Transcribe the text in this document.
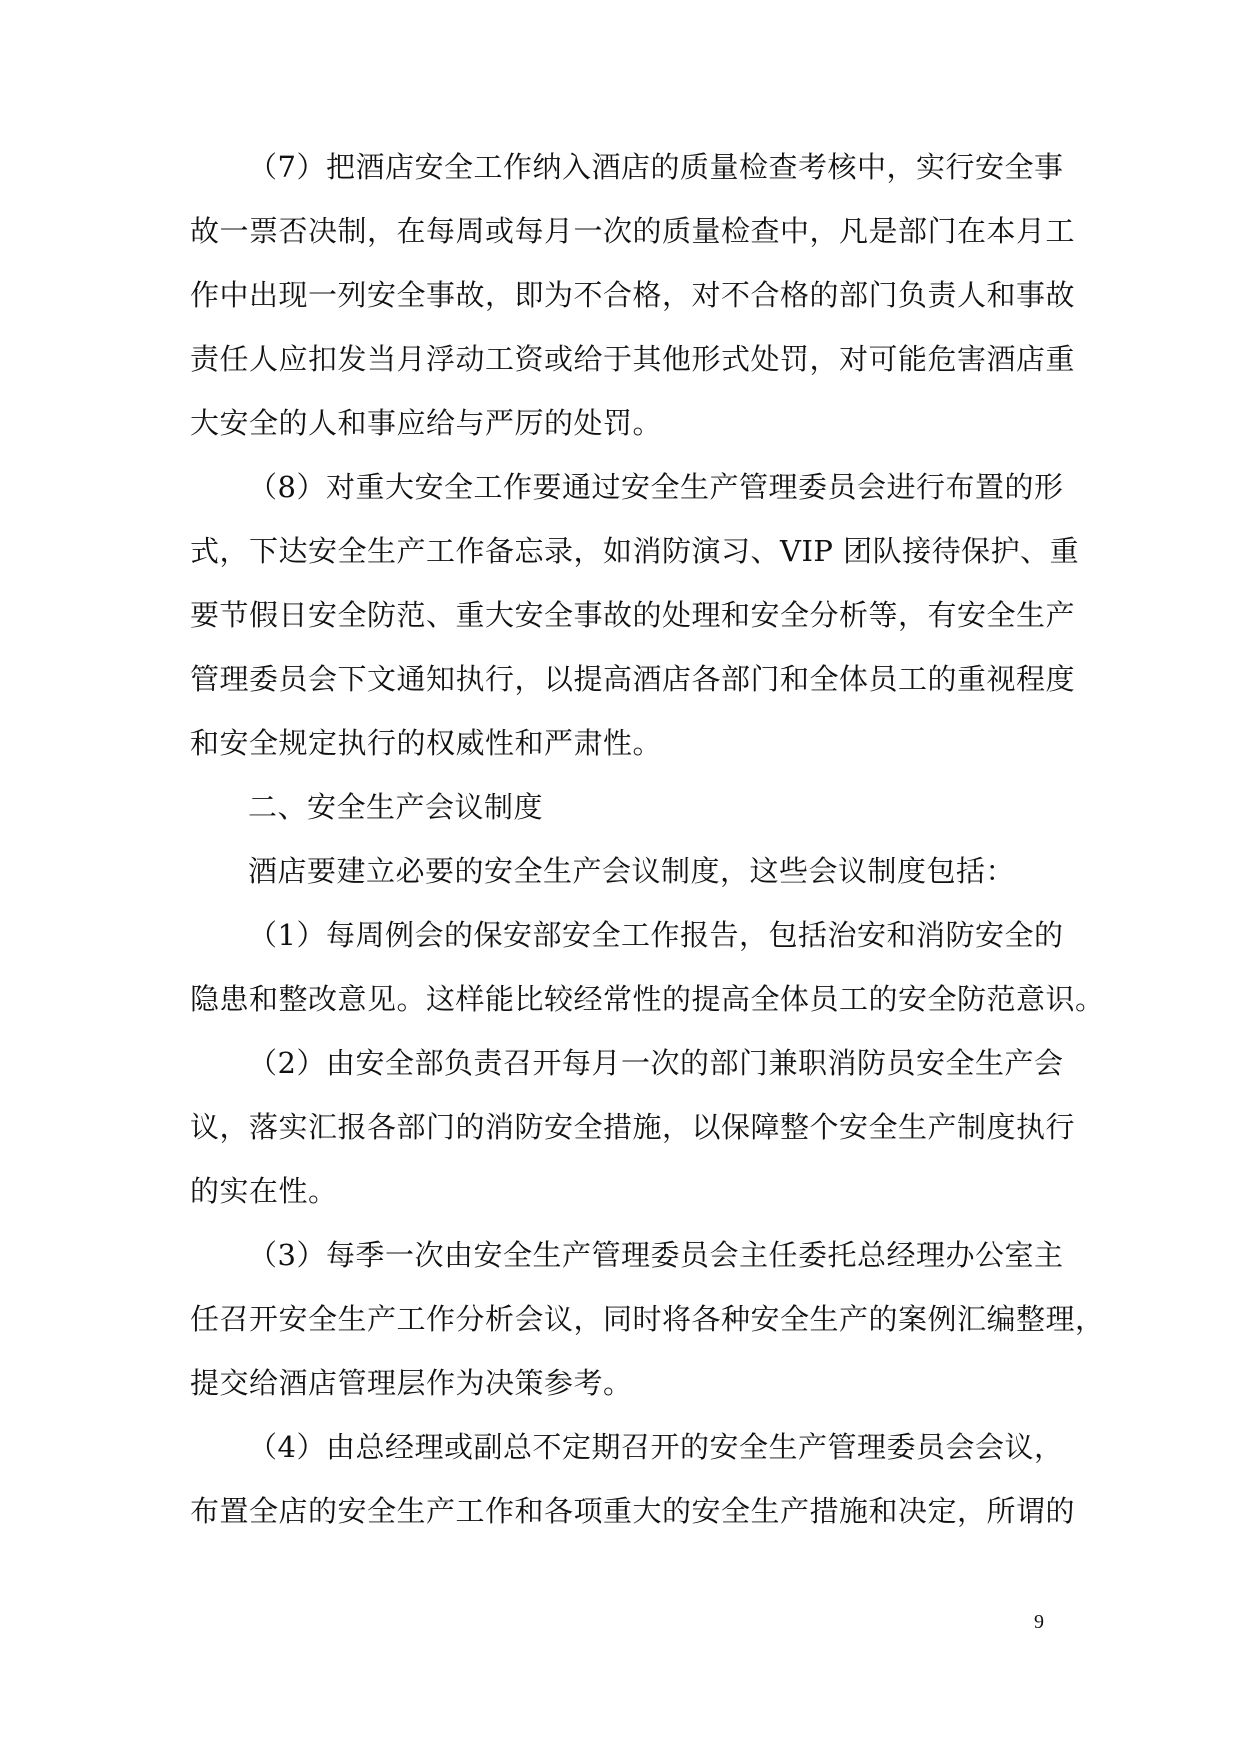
（7）把酒店安全工作纳入酒店的质量检查考核中，实行安全事
故一票否决制，在每周或每月一次的质量检查中，凡是部门在本月工
作中出现一列安全事故，即为不合格，对不合格的部门负责人和事故
责任人应扣发当月浮动工资或给于其他形式处罚，对可能危害酒店重
大安全的人和事应给与严厉的处罚。
（8）对重大安全工作要通过安全生产管理委员会进行布置的形
式，下达安全生产工作备忘录，如消防演习、VIP 团队接待保护、重
要节假日安全防范、重大安全事故的处理和安全分析等，有安全生产
管理委员会下文通知执行，以提高酒店各部门和全体员工的重视程度
和安全规定执行的权威性和严肃性。
二、安全生产会议制度
酒店要建立必要的安全生产会议制度，这些会议制度包括：
（1）每周例会的保安部安全工作报告，包括治安和消防安全的
隐患和整改意见。这样能比较经常性的提高全体员工的安全防范意识。
（2）由安全部负责召开每月一次的部门兼职消防员安全生产会
议，落实汇报各部门的消防安全措施，以保障整个安全生产制度执行
的实在性。
（3）每季一次由安全生产管理委员会主任委托总经理办公室主
任召开安全生产工作分析会议，同时将各种安全生产的案例汇编整理，
提交给酒店管理层作为决策参考。
（4）由总经理或副总不定期召开的安全生产管理委员会会议，
布置全店的安全生产工作和各项重大的安全生产措施和决定，所谓的
9
